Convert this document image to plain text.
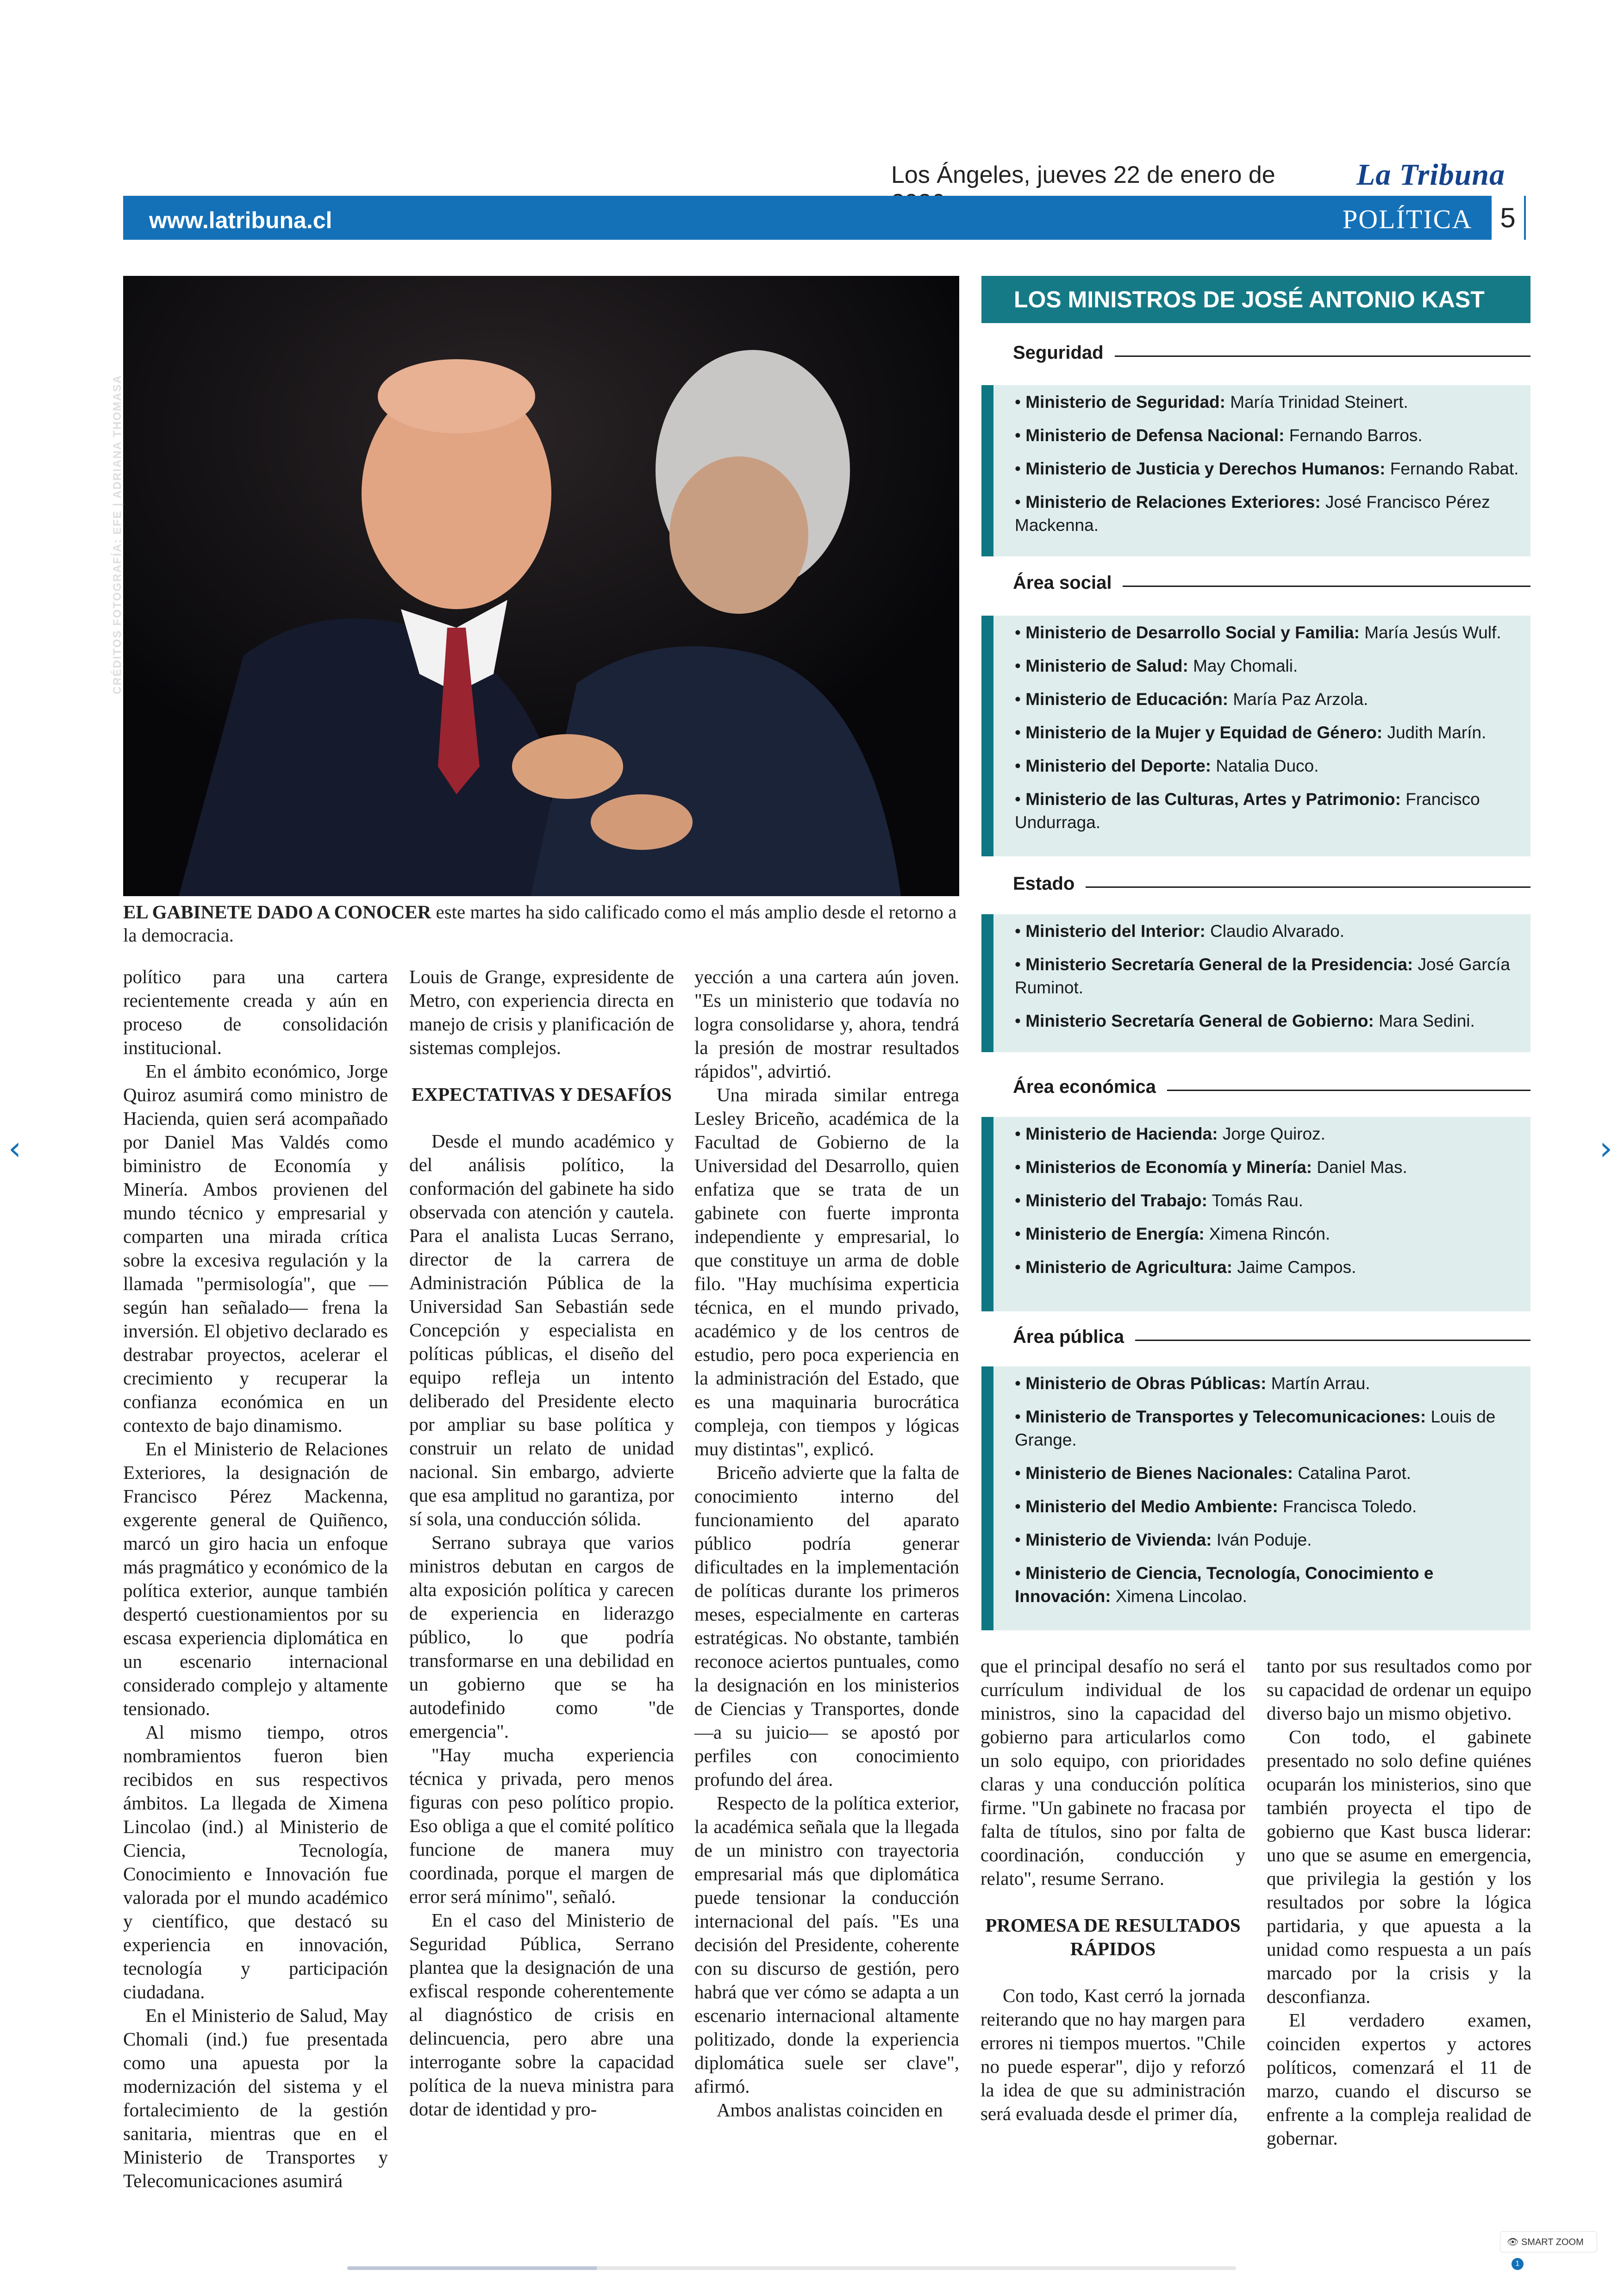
Los Ángeles, jueves 22 de enero de	La Tribuna
www.latribuna.cl	POLÍTICA	5
CRÉDITOS FOTOGRAFÍA: EFE | ADRIANA THOMASA
EL GABINETE DADO A CONOCER este martes ha sido calificado como el más amplio desde el retorno a la democracia.
LOS MINISTROS DE JOSÉ ANTONIO KAST
Seguridad
• Ministerio de Seguridad: María Trinidad Steinert.
• Ministerio de Defensa Nacional: Fernando Barros.
• Ministerio de Justicia y Derechos Humanos: Fernando Rabat.
• Ministerio de Relaciones Exteriores: José Francisco Pérez Mackenna.
Área social
• Ministerio de Desarrollo Social y Familia: María Jesús Wulf.
• Ministerio de Salud: May Chomali.
• Ministerio de Educación: María Paz Arzola.
• Ministerio de la Mujer y Equidad de Género: Judith Marín.
• Ministerio del Deporte: Natalia Duco.
• Ministerio de las Culturas, Artes y Patrimonio: Francisco Undurraga.
Estado
• Ministerio del Interior: Claudio Alvarado.
• Ministerio Secretaría General de la Presidencia: José García Ruminot.
• Ministerio Secretaría General de Gobierno: Mara Sedini.
Área económica
• Ministerio de Hacienda: Jorge Quiroz.
• Ministerios de Economía y Minería: Daniel Mas.
• Ministerio del Trabajo: Tomás Rau.
• Ministerio de Energía: Ximena Rincón.
• Ministerio de Agricultura: Jaime Campos.
Área pública
• Ministerio de Obras Públicas: Martín Arrau.
• Ministerio de Transportes y Telecomunicaciones: Louis de Grange.
• Ministerio de Bienes Nacionales: Catalina Parot.
• Ministerio del Medio Ambiente: Francisca Toledo.
• Ministerio de Vivienda: Iván Poduje.
• Ministerio de Ciencia, Tecnología, Conocimiento e Innovación: Ximena Lincolao.

político para una cartera recientemente creada y aún en proceso de consolidación institucional.

En el ámbito económico, Jorge Quiroz asumirá como ministro de Hacienda, quien será acompañado por Daniel Mas Valdés como biministro de Economía y Minería. Ambos provienen del mundo técnico y empresarial y comparten una mirada crítica sobre la excesiva regulación y la llamada "permisología", que —según han señalado— frena la inversión. El objetivo declarado es destrabar proyectos, acelerar el crecimiento y recuperar la confianza económica en un contexto de bajo dinamismo.

En el Ministerio de Relaciones Exteriores, la designación de Francisco Pérez Mackenna, exgerente general de Quiñenco, marcó un giro hacia un enfoque más pragmático y económico de la política exterior, aunque también despertó cuestionamientos por su escasa experiencia diplomática en un escenario internacional considerado complejo y altamente tensionado.

Al mismo tiempo, otros nombramientos fueron bien recibidos en sus respectivos ámbitos. La llegada de Ximena Lincolao (ind.) al Ministerio de Ciencia, Tecnología, Conocimiento e Innovación fue valorada por el mundo académico y científico, que destacó su experiencia en innovación, tecnología y participación ciudadana.

En el Ministerio de Salud, May Chomali (ind.) fue presentada como una apuesta por la modernización del sistema y el fortalecimiento de la gestión sanitaria, mientras que en el Ministerio de Transportes y Telecomunicaciones asumirá

Louis de Grange, expresidente de Metro, con experiencia directa en manejo de crisis y planificación de sistemas complejos.

EXPECTATIVAS Y DESAFÍOS

Desde el mundo académico y del análisis político, la conformación del gabinete ha sido observada con atención y cautela. Para el analista Lucas Serrano, director de la carrera de Administración Pública de la Universidad San Sebastián sede Concepción y especialista en políticas públicas, el diseño del equipo refleja un intento deliberado del Presidente electo por ampliar su base política y construir un relato de unidad nacional. Sin embargo, advierte que esa amplitud no garantiza, por sí sola, una conducción sólida.

Serrano subraya que varios ministros debutan en cargos de alta exposición política y carecen de experiencia en liderazgo público, lo que podría transformarse en una debilidad en un gobierno que se ha autodefinido como "de emergencia".

"Hay mucha experiencia técnica y privada, pero menos figuras con peso político propio. Eso obliga a que el comité político funcione de manera muy coordinada, porque el margen de error será mínimo", señaló.

En el caso del Ministerio de Seguridad Pública, Serrano plantea que la designación de una exfiscal responde coherentemente al diagnóstico de crisis en delincuencia, pero abre una interrogante sobre la capacidad política de la nueva ministra para dotar de identidad y pro-

yección a una cartera aún joven. "Es un ministerio que todavía no logra consolidarse y, ahora, tendrá la presión de mostrar resultados rápidos", advirtió.

Una mirada similar entrega Lesley Briceño, académica de la Facultad de Gobierno de la Universidad del Desarrollo, quien enfatiza que se trata de un gabinete con fuerte impronta independiente y empresarial, lo que constituye un arma de doble filo. "Hay muchísima experticia técnica, en el mundo privado, académico y de los centros de estudio, pero poca experiencia en la administración del Estado, que es una maquinaria burocrática compleja, con tiempos y lógicas muy distintas", explicó.

Briceño advierte que la falta de conocimiento interno del funcionamiento del aparato público podría generar dificultades en la implementación de políticas durante los primeros meses, especialmente en carteras estratégicas. No obstante, también reconoce aciertos puntuales, como la designación en los ministerios de Ciencias y Transportes, donde —a su juicio— se apostó por perfiles con conocimiento profundo del área.

Respecto de la política exterior, la académica señala que la llegada de un ministro con trayectoria empresarial más que diplomática puede tensionar la conducción internacional del país. "Es una decisión del Presidente, coherente con su discurso de gestión, pero habrá que ver cómo se adapta a un escenario internacional altamente politizado, donde la experiencia diplomática suele ser clave", afirmó.

Ambos analistas coinciden en

que el principal desafío no será el currículum individual de los ministros, sino la capacidad del gobierno para articularlos como un solo equipo, con prioridades claras y una conducción política firme. "Un gabinete no fracasa por falta de títulos, sino por falta de coordinación, conducción y relato", resume Serrano.

PROMESA DE RESULTADOS RÁPIDOS

Con todo, Kast cerró la jornada reiterando que no hay margen para errores ni tiempos muertos. "Chile no puede esperar", dijo y reforzó la idea de que su administración será evaluada desde el primer día,

tanto por sus resultados como por su capacidad de ordenar un equipo diverso bajo un mismo objetivo.

Con todo, el gabinete presentado no solo define quiénes ocuparán los ministerios, sino que también proyecta el tipo de gobierno que Kast busca liderar: uno que se asume en emergencia, que privilegia la gestión y los resultados por sobre la lógica partidaria, y que apuesta a la unidad como respuesta a un país marcado por la crisis y la desconfianza.

El verdadero examen, coinciden expertos y actores políticos, comenzará el 11 de marzo, cuando el discurso se enfrente a la compleja realidad de gobernar.

‹	›
👁 SMART ZOOM1
